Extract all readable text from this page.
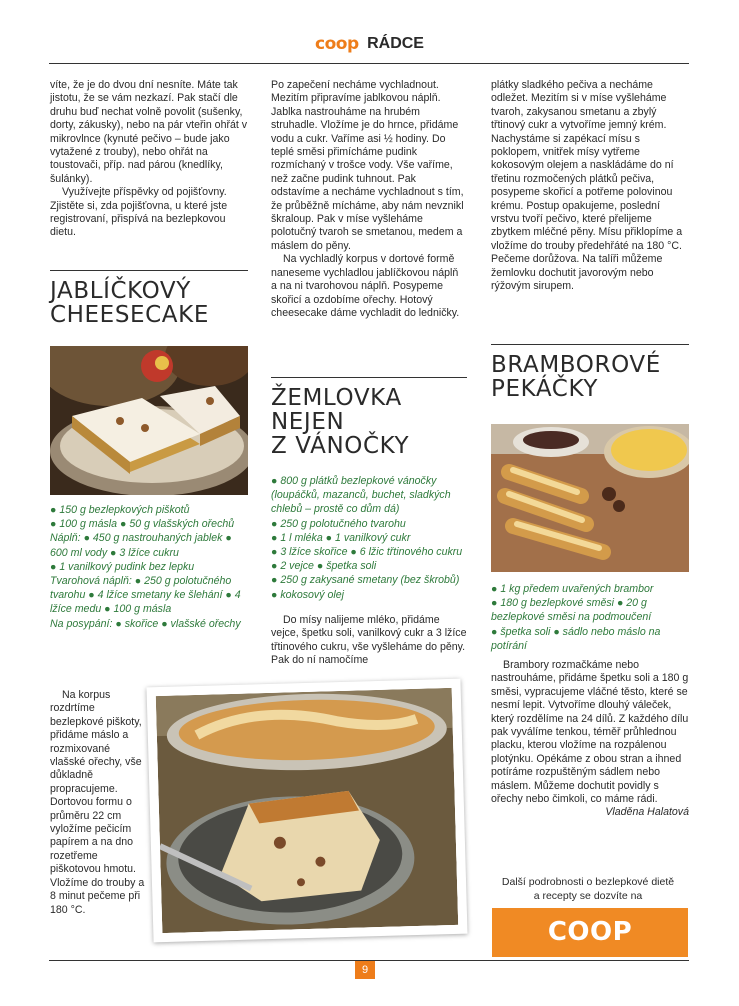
coop RÁDCE

víte, že je do dvou dní nesníte. Máte tak jistotu, že se vám nezkazí. Pak stačí dle druhu buď nechat volně povolit (sušenky, dorty, zákusky), nebo na pár vteřin ohřát v mikrovlnce (kynuté pečivo – bude jako vytažené z trouby), nebo ohřát na toustovači, příp. nad párou (knedlíky, šulánky).

Využívejte příspěvky od pojišťovny. Zjistěte si, zda pojišťovna, u které jste registrovaní, přispívá na bezlepkovou dietu.

JABLÍČKOVÝ

CHEESECAKE

● 150 g bezlepkových piškotů
● 100 g másla ● 50 g vlašských ořechů
Náplň: ● 450 g nastrouhaných jablek ● 600 ml vody ● 3 lžíce cukru
● 1 vanilkový pudink bez lepku
Tvarohová náplň: ● 250 g polotučného tvarohu ● 4 lžíce smetany ke šlehání ● 4 lžíce medu ● 100 g másla
Na posypání: ● skořice ● vlašské ořechy

Na korpus rozdrtíme bezlepkové piškoty, přidáme máslo a rozmixované vlašské ořechy, vše důkladně propracujeme. Dortovou formu o průměru 22 cm vyložíme pečicím papírem a na dno rozetřeme piškotovou hmotu. Vložíme do trouby a 8 minut pečeme při 180 °C.

Po zapečení necháme vychladnout. Mezitím připravíme jablkovou náplň. Jablka nastrouháme na hrubém struhadle. Vložíme je do hrnce, přidáme vodu a cukr. Vaříme asi ½ hodiny. Do teplé směsi přimícháme pudink rozmíchaný v trošce vody. Vše vaříme, než začne pudink tuhnout. Pak odstavíme a necháme vychladnout s tím, že průběžně mícháme, aby nám nevznikl škraloup. Pak v míse vyšleháme polotučný tvaroh se smetanou, medem a máslem do pěny.

Na vychladlý korpus v dortové formě naneseme vychladlou jablíčkovou náplň a na ni tvarohovou náplň. Posypeme skořicí a ozdobíme ořechy. Hotový cheesecake dáme vychladit do ledničky.

ŽEMLOVKA

NEJEN

Z VÁNOČKY

● 800 g plátků bezlepkové vánočky (loupáčků, mazanců, buchet, sladkých chlebů – prostě co dům dá)
● 250 g polotučného tvarohu
● 1 l mléka ● 1 vanilkový cukr
● 3 lžíce skořice ● 6 lžic třtinového cukru ● 2 vejce ● špetka soli
● 250 g zakysané smetany (bez škrobů) ● kokosový olej

Do mísy nalijeme mléko, přidáme vejce, špetku soli, vanilkový cukr a 3 lžíce třtinového cukru, vše vyšleháme do pěny. Pak do ní namočíme

plátky sladkého pečiva a necháme odležet. Mezitím si v míse vyšleháme tvaroh, zakysanou smetanu a zbylý třtinový cukr a vytvoříme jemný krém. Nachystáme si zapékací mísu s poklopem, vnitřek mísy vytřeme kokosovým olejem a naskládáme do ní třetinu rozmočených plátků pečiva, posypeme skořicí a potřeme polovinou krému. Postup opakujeme, poslední vrstvu tvoří pečivo, které přelijeme zbytkem mléčné pěny. Mísu přiklopíme a vložíme do trouby předehřáté na 180 °C. Pečeme dorůžova. Na talíři můžeme žemlovku dochutit javorovým nebo rýžovým sirupem.

BRAMBOROVÉ

PEKÁČKY

● 1 kg předem uvařených brambor
● 180 g bezlepkové směsi ● 20 g bezlepkové směsi na podmoučení
● špetka soli ● sádlo nebo máslo na potírání

Brambory rozmačkáme nebo nastrouháme, přidáme špetku soli a 180 g směsi, vypracujeme vláčné těsto, které se nesmí lepit. Vytvoříme dlouhý váleček, který rozdělíme na 24 dílů. Z každého dílu pak vyválíme tenkou, téměř průhlednou placku, kterou vložíme na rozpálenou plotýnku. Opékáme z obou stran a ihned potíráme rozpuštěným sádlem nebo máslem. Můžeme dochutit povidly s ořechy nebo čimkoli, co máme rádi.

Vladěna Halatová

Další podrobnosti o bezlepkové dietě
a recepty se dozvíte na
COOP CLUB.CZ
9
